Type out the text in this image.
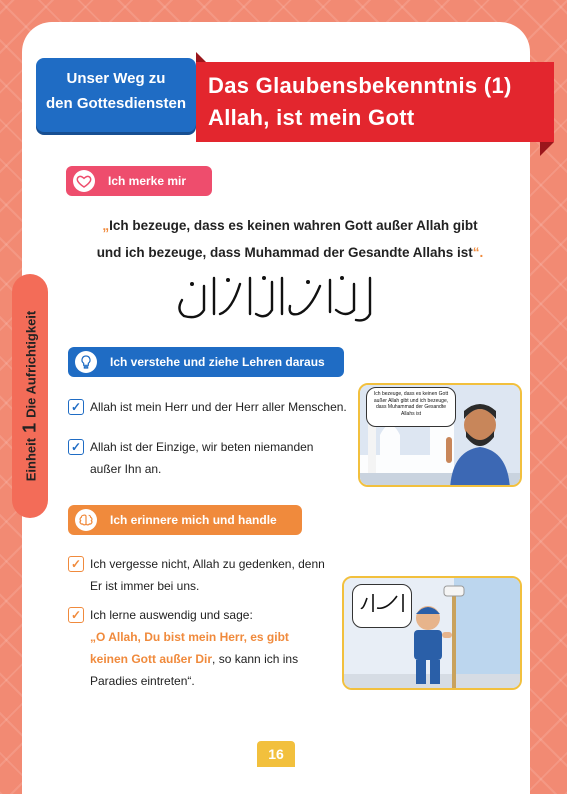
Unser Weg zu
den Gottesdiensten
Das Glaubensbekenntnis (1)
Allah, ist mein Gott
Einheit1Die Aufrichtigkeit
Ich merke mir
„Ich bezeuge, dass es keinen wahren Gott außer Allah gibt
und ich bezeuge, dass Muhammad der Gesandte Allahs ist“.
Ich verstehe und ziehe Lehren daraus
✓ Allah ist mein Herr und der Herr aller Menschen.
✓ Allah ist der Einzige, wir beten niemanden
außer Ihn an.
Ich bezeuge, dass es keinen Gott außer Allah gibt und ich bezeuge, dass Muhammad der Gesandte Allahs ist
Ich erinnere mich und handle
✓ Ich vergesse nicht, Allah zu gedenken, denn
Er ist immer bei uns.
✓ Ich lerne auswendig und sage:
„O Allah, Du bist mein Herr, es gibt
keinen Gott außer Dir, so kann ich ins
Paradies eintreten“.
16
